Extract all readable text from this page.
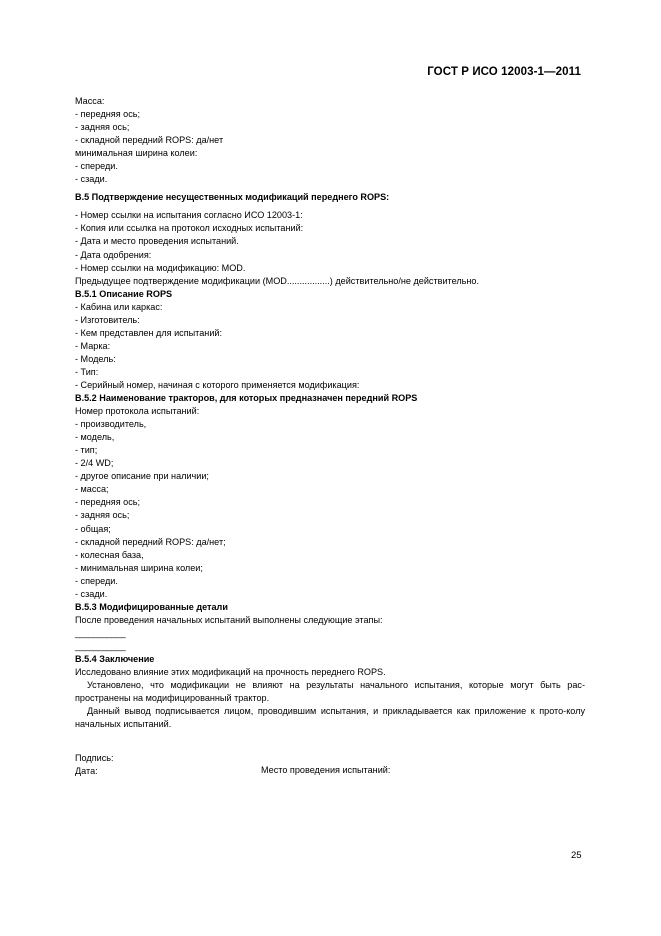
ГОСТ Р ИСО 12003-1—2011
Масса:
- передняя ось;
- задняя ось;
- складной передний ROPS: да/нет
минимальная ширина колеи:
- спереди.
- сзади.
В.5 Подтверждение несущественных модификаций переднего ROPS:
- Номер ссылки на испытания согласно ИСО 12003-1:
- Копия или ссылка на протокол исходных испытаний:
- Дата и место проведения испытаний.
- Дата одобрения:
- Номер ссылки на модификацию: MOD.
Предыдущее подтверждение модификации (MOD.................) действительно/не действительно.
В.5.1 Описание ROPS
- Кабина или каркас:
- Изготовитель:
- Кем представлен для испытаний:
- Марка:
- Модель:
- Тип:
- Серийный номер, начиная с которого применяется модификация:
В.5.2 Наименование тракторов, для которых предназначен передний ROPS
Номер протокола испытаний:
- производитель,
- модель,
- тип;
- 2/4 WD;
- другое описание при наличии;
- масса;
- передняя ось;
- задняя ось;
- общая;
- складной передний ROPS: да/нет;
- колесная база,
- минимальная ширина колеи;
- спереди.
- сзади.
В.5.3 Модифицированные детали
После проведения начальных испытаний выполнены следующие этапы:
___________
___________
В.5.4 Заключение
Исследовано влияние этих модификаций на прочность переднего ROPS.
Установлено, что модификации не влияют на результаты начального испытания, которые могут быть рас-пространены на модифицированный трактор.
Данный вывод подписывается лицом, проводившим испытания, и прикладывается как приложение к прото-колу начальных испытаний.
Подпись:
Дата:	Место проведения испытаний:
25
